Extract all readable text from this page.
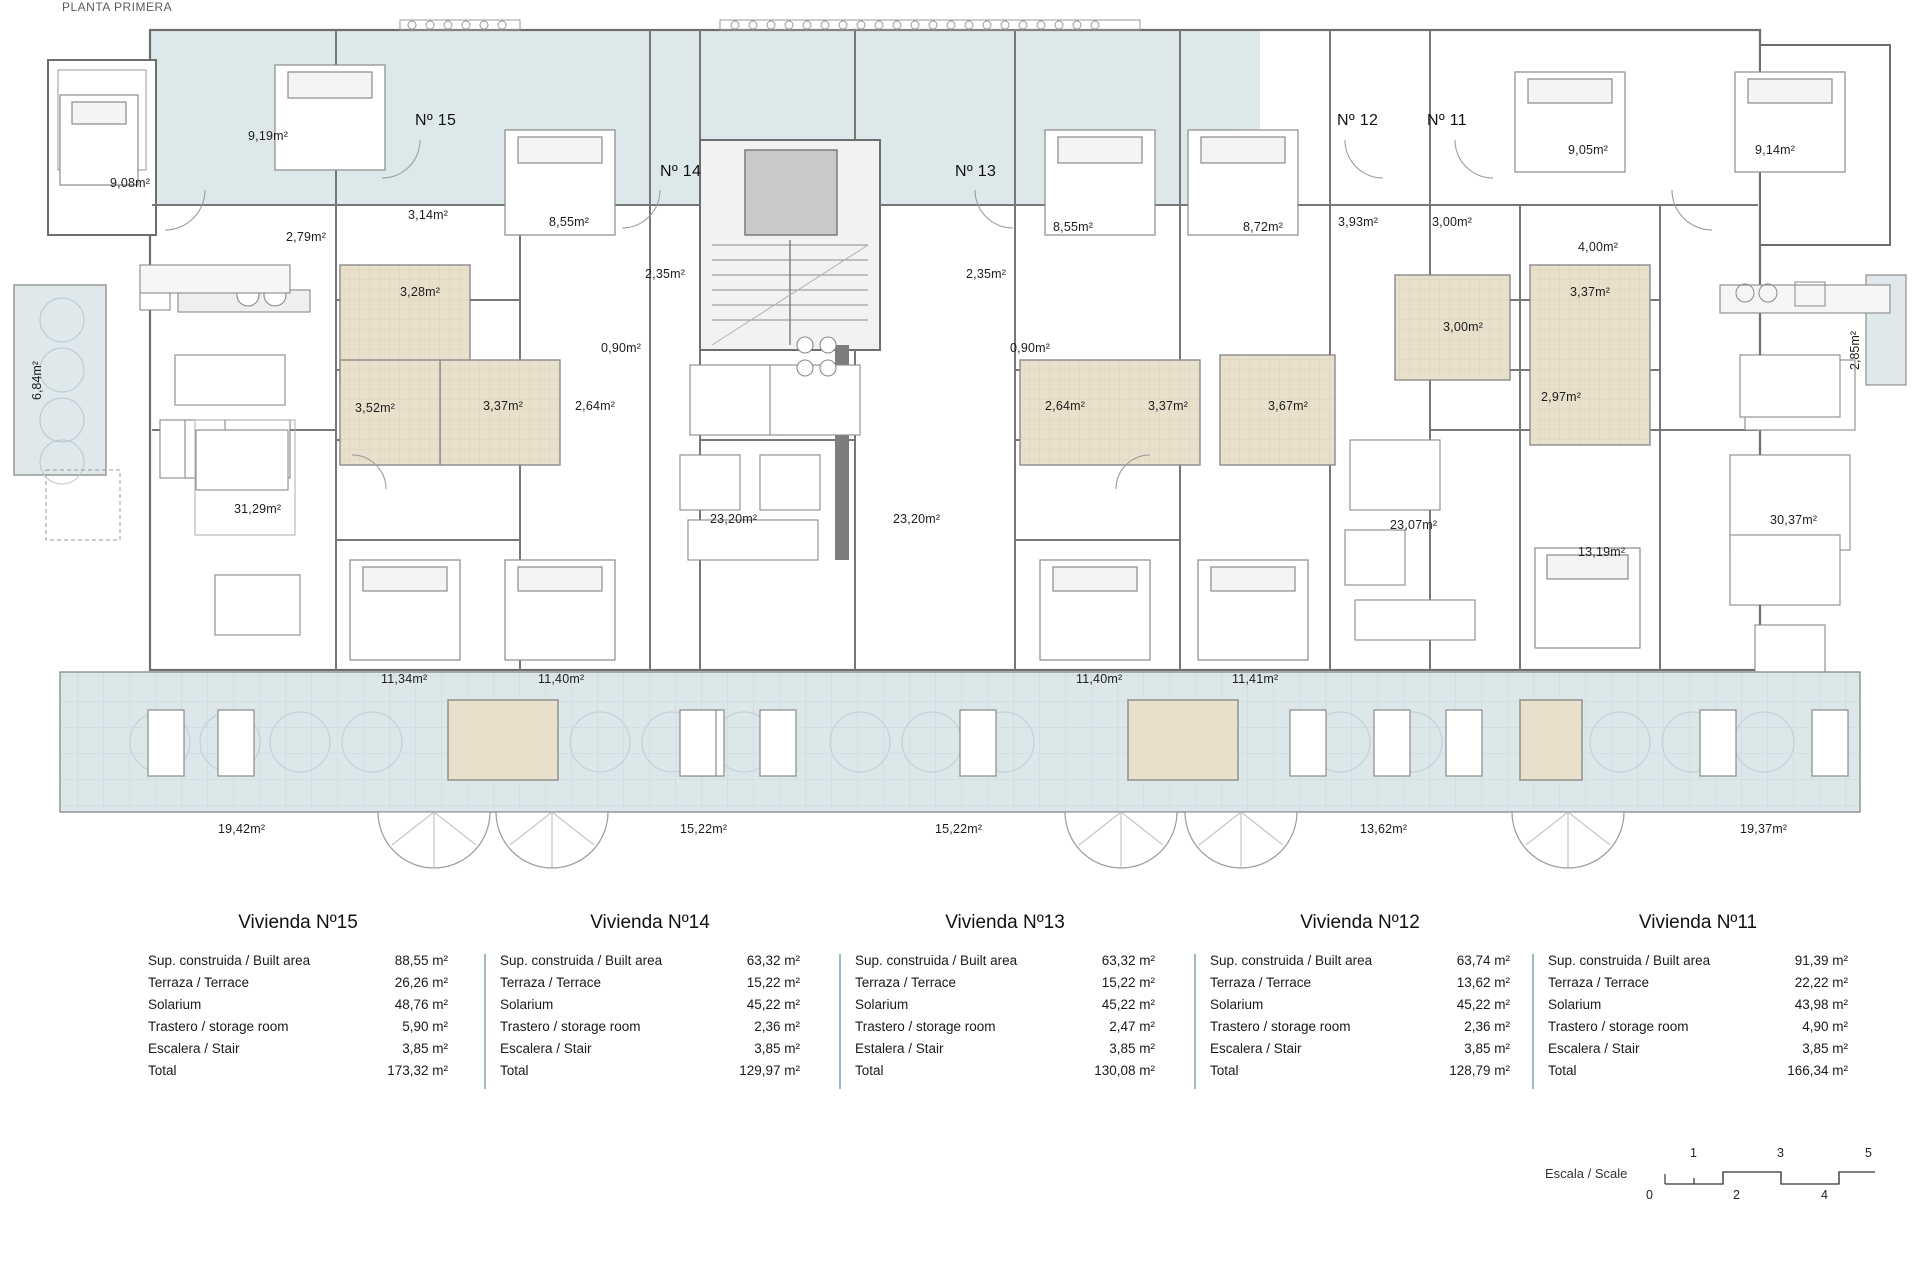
PLANTA PRIMERA
Nº 15
Nº 14	Nº 13
Nº 12	Nº 11
9,08m²
9,19m²
2,79m²
3,14m²	8,55m²
2,35m²
0,90m²
3,28m²
3,52m²	3,37m²	2,64m²
31,29m²
6,84m²
11,34m²	11,40m²
23,20m²	23,20m²
2,35m²
0,90m²
8,55m²	8,72m²	3,93m²	3,00m²
2,64m²	3,37m²	3,67m²
3,00m²
3,37m²
2,97m²
4,00m²
9,05m²	9,14m²
2,85m²
11,40m²	11,41m²
23,07m²
13,19m²
30,37m²
19,42m²	15,22m²	15,22m²	13,62m²	19,37m²
Vivienda Nº15
Sup. construida / Built area	88,55 m²
Terraza / Terrace	26,26 m²
Solarium	48,76 m²
Trastero / storage room	5,90 m²
Escalera / Stair	3,85 m²
Total	173,32 m²
Vivienda Nº14
Sup. construida / Built area	63,32 m²
Terraza / Terrace	15,22 m²
Solarium	45,22 m²
Trastero / storage room	2,36 m²
Escalera / Stair	3,85 m²
Total	129,97 m²
Vivienda Nº13
Sup. construida / Built area	63,32 m²
Terraza / Terrace	15,22 m²
Solarium	45,22 m²
Trastero / storage room	2,47 m²
Estalera / Stair	3,85 m²
Total	130,08 m²
Vivienda Nº12
Sup. construida / Built area	63,74 m²
Terraza / Terrace	13,62 m²
Solarium	45,22 m²
Trastero / storage room	2,36 m²
Escalera / Stair	3,85 m²
Total	128,79 m²
Vivienda Nº11
Sup. construida / Built area	91,39 m²
Terraza / Terrace	22,22 m²
Solarium	43,98 m²
Trastero / storage room	4,90 m²
Escalera / Stair	3,85 m²
Total	166,34 m²
Escala / Scale
1	3	5
0	2	4
